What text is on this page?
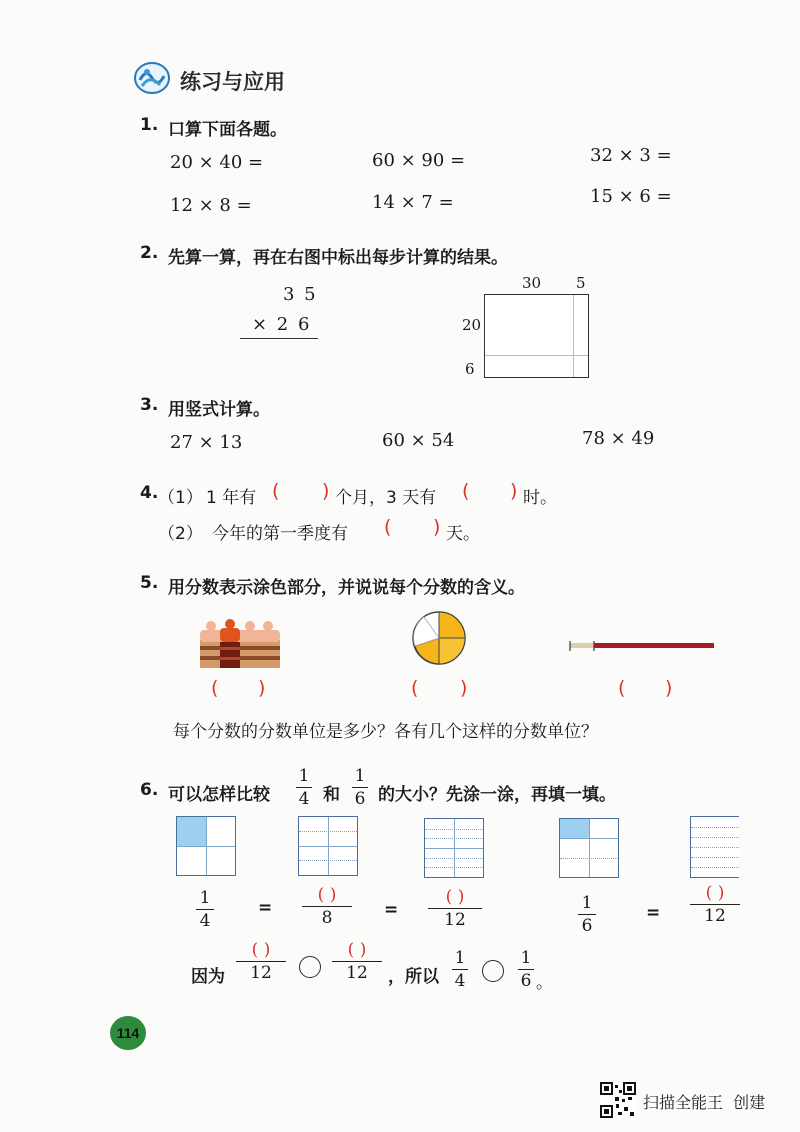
练习与应用
1. 口算下面各题。
20 × 40 =	60 × 90 =	32 × 3 =
12 × 8 =	14 × 7 =	15 × 6 =
2. 先算一算，再在右图中标出每步计算的结果。
3 5
× 2 6
30 5
20
6
3. 用竖式计算。
27 × 13	60 × 54	78 × 49
4. （1） 1 年有 ( ) 个月，3 天有 ( ) 时。
（2） 今年的第一季度有 ( ) 天。
5. 用分数表示涂色部分，并说说每个分数的含义。
( )	( )	( )
每个分数的分数单位是多少？各有几个这样的分数单位？
6. 可以怎样比较
1
4 和
1
6 的大小？先涂一涂，再填一填。
1
4
=
( )
8	=
( )
12
1
6
=
( )
12
因为
( )
12
( )
12	，所以
1
4
1
6 。
114
扫描全能王  创建
